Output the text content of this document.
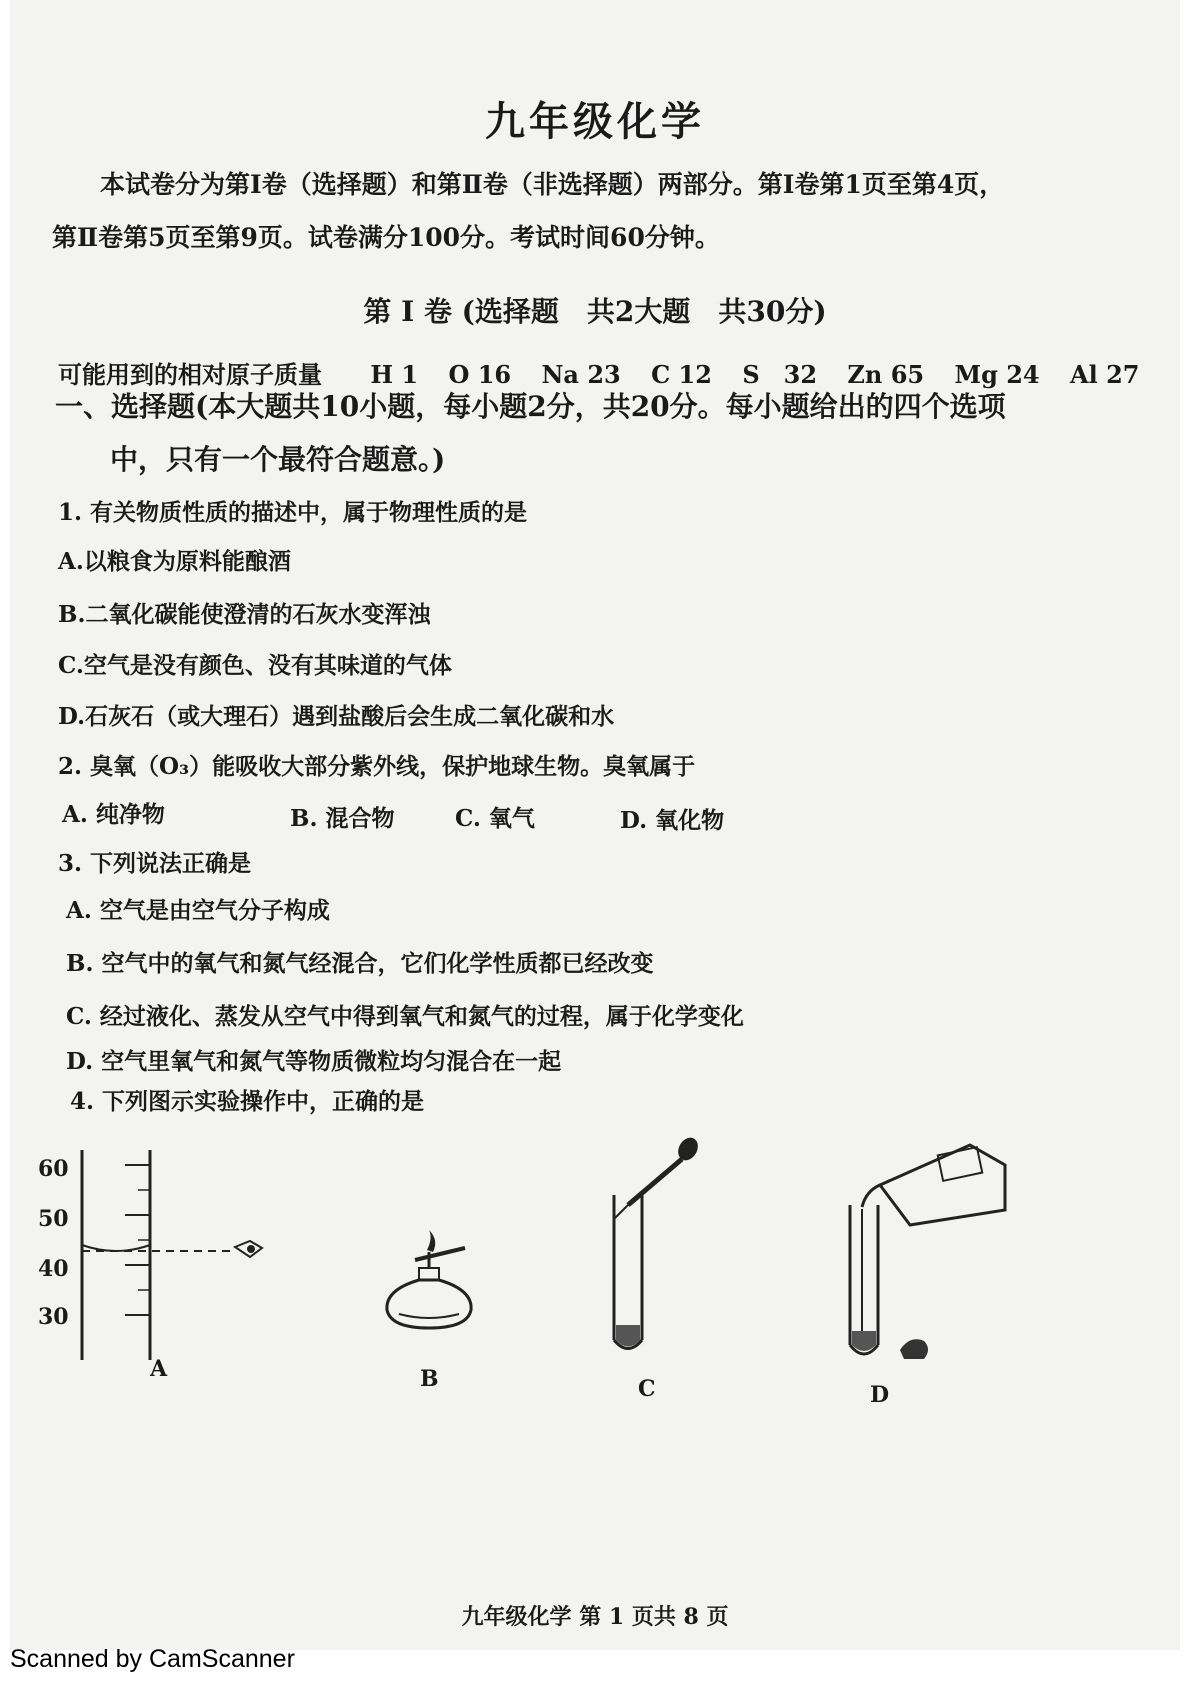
九年级化学
本试卷分为第Ⅰ卷（选择题）和第Ⅱ卷（非选择题）两部分。第Ⅰ卷第1页至第4页，
第Ⅱ卷第5页至第9页。试卷满分100分。考试时间60分钟。
第 Ⅰ 卷 (选择题　共2大题　共30分)
可能用到的相对原子质量 H 1 O 16 Na 23 C 12 S　32 Zn 65 Mg 24 Al 27
一、选择题(本大题共10小题，每小题2分，共20分。每小题给出的四个选项
中，只有一个最符合题意。)
1. 有关物质性质的描述中，属于物理性质的是
A.以粮食为原料能酿酒
B.二氧化碳能使澄清的石灰水变浑浊
C.空气是没有颜色、没有其味道的气体
D.石灰石（或大理石）遇到盐酸后会生成二氧化碳和水
2. 臭氧（O₃）能吸收大部分紫外线，保护地球生物。臭氧属于
A. 纯净物	B. 混合物	C. 氧气	D. 氧化物
3. 下列说法正确是
A. 空气是由空气分子构成
B. 空气中的氧气和氮气经混合，它们化学性质都已经改变
C. 经过液化、蒸发从空气中得到氧气和氮气的过程，属于化学变化
D. 空气里氧气和氮气等物质微粒均匀混合在一起
4. 下列图示实验操作中，正确的是
60
50
40
30
A	B	C	D
九年级化学 第 1 页共 8 页
Scanned by CamScanner
